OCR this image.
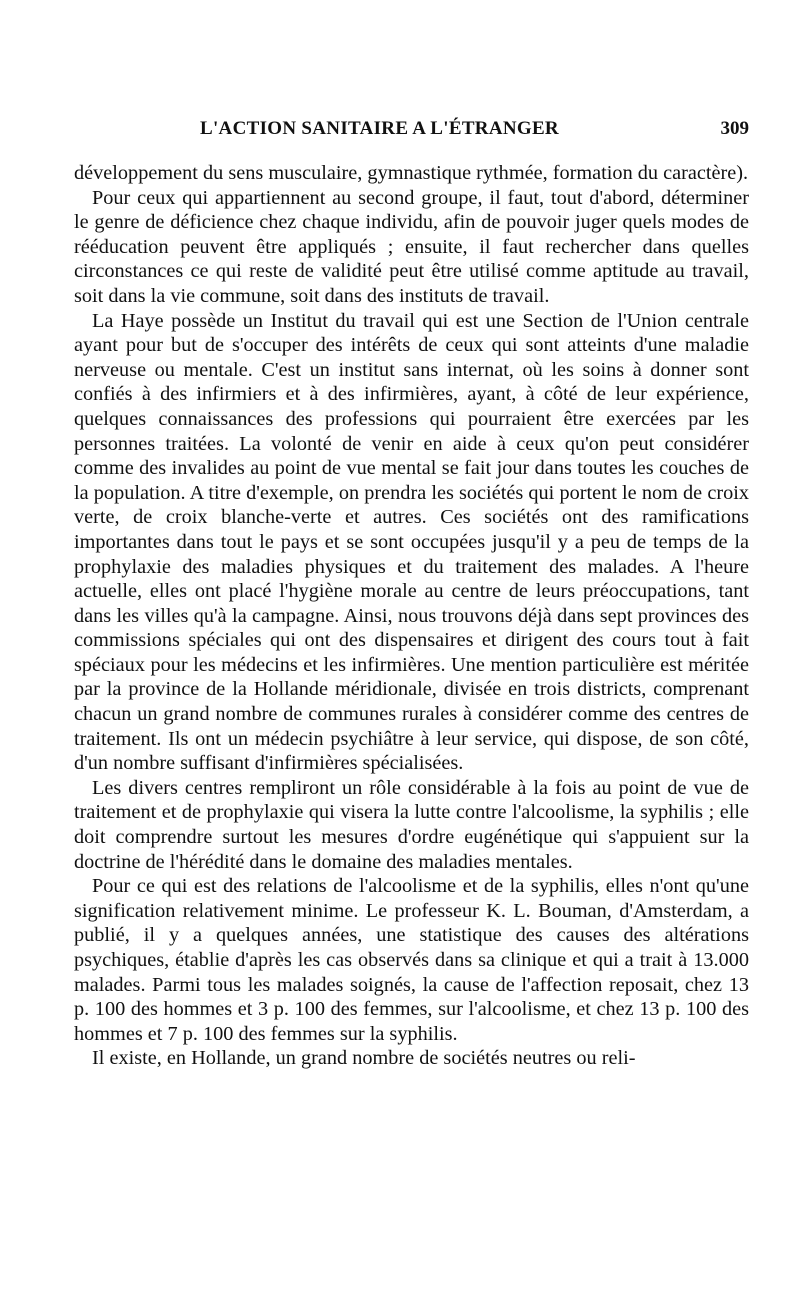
L'ACTION SANITAIRE A L'ÉTRANGER	309

développement du sens musculaire, gymnastique rythmée, formation du caractère).

Pour ceux qui appartiennent au second groupe, il faut, tout d'abord, déterminer le genre de déficience chez chaque individu, afin de pouvoir juger quels modes de rééducation peuvent être appliqués ; ensuite, il faut rechercher dans quelles circonstances ce qui reste de validité peut être utilisé comme aptitude au travail, soit dans la vie commune, soit dans des instituts de travail.

La Haye possède un Institut du travail qui est une Section de l'Union centrale ayant pour but de s'occuper des intérêts de ceux qui sont atteints d'une maladie nerveuse ou mentale. C'est un institut sans internat, où les soins à donner sont confiés à des infirmiers et à des infirmières, ayant, à côté de leur expérience, quelques connaissances des professions qui pourraient être exercées par les personnes traitées. La volonté de venir en aide à ceux qu'on peut considérer comme des invalides au point de vue mental se fait jour dans toutes les couches de la population. A titre d'exemple, on prendra les sociétés qui portent le nom de croix verte, de croix blanche-verte et autres. Ces sociétés ont des ramifications importantes dans tout le pays et se sont occupées jusqu'il y a peu de temps de la prophylaxie des maladies physiques et du traitement des malades. A l'heure actuelle, elles ont placé l'hygiène morale au centre de leurs préoccupations, tant dans les villes qu'à la campagne. Ainsi, nous trouvons déjà dans sept provinces des commissions spéciales qui ont des dispensaires et dirigent des cours tout à fait spéciaux pour les médecins et les infirmières. Une mention particulière est méritée par la province de la Hollande méridionale, divisée en trois districts, comprenant chacun un grand nombre de communes rurales à considérer comme des centres de traitement. Ils ont un médecin psychiâtre à leur service, qui dispose, de son côté, d'un nombre suffisant d'infirmières spécialisées.

Les divers centres rempliront un rôle considérable à la fois au point de vue de traitement et de prophylaxie qui visera la lutte contre l'alcoolisme, la syphilis ; elle doit comprendre surtout les mesures d'ordre eugénétique qui s'appuient sur la doctrine de l'hérédité dans le domaine des maladies mentales.

Pour ce qui est des relations de l'alcoolisme et de la syphilis, elles n'ont qu'une signification relativement minime. Le professeur K. L. Bouman, d'Amsterdam, a publié, il y a quelques années, une statistique des causes des altérations psychiques, établie d'après les cas observés dans sa clinique et qui a trait à 13.000 malades. Parmi tous les malades soignés, la cause de l'affection reposait, chez 13 p. 100 des hommes et 3 p. 100 des femmes, sur l'alcoolisme, et chez 13 p. 100 des hommes et 7 p. 100 des femmes sur la syphilis.

Il existe, en Hollande, un grand nombre de sociétés neutres ou reli-
